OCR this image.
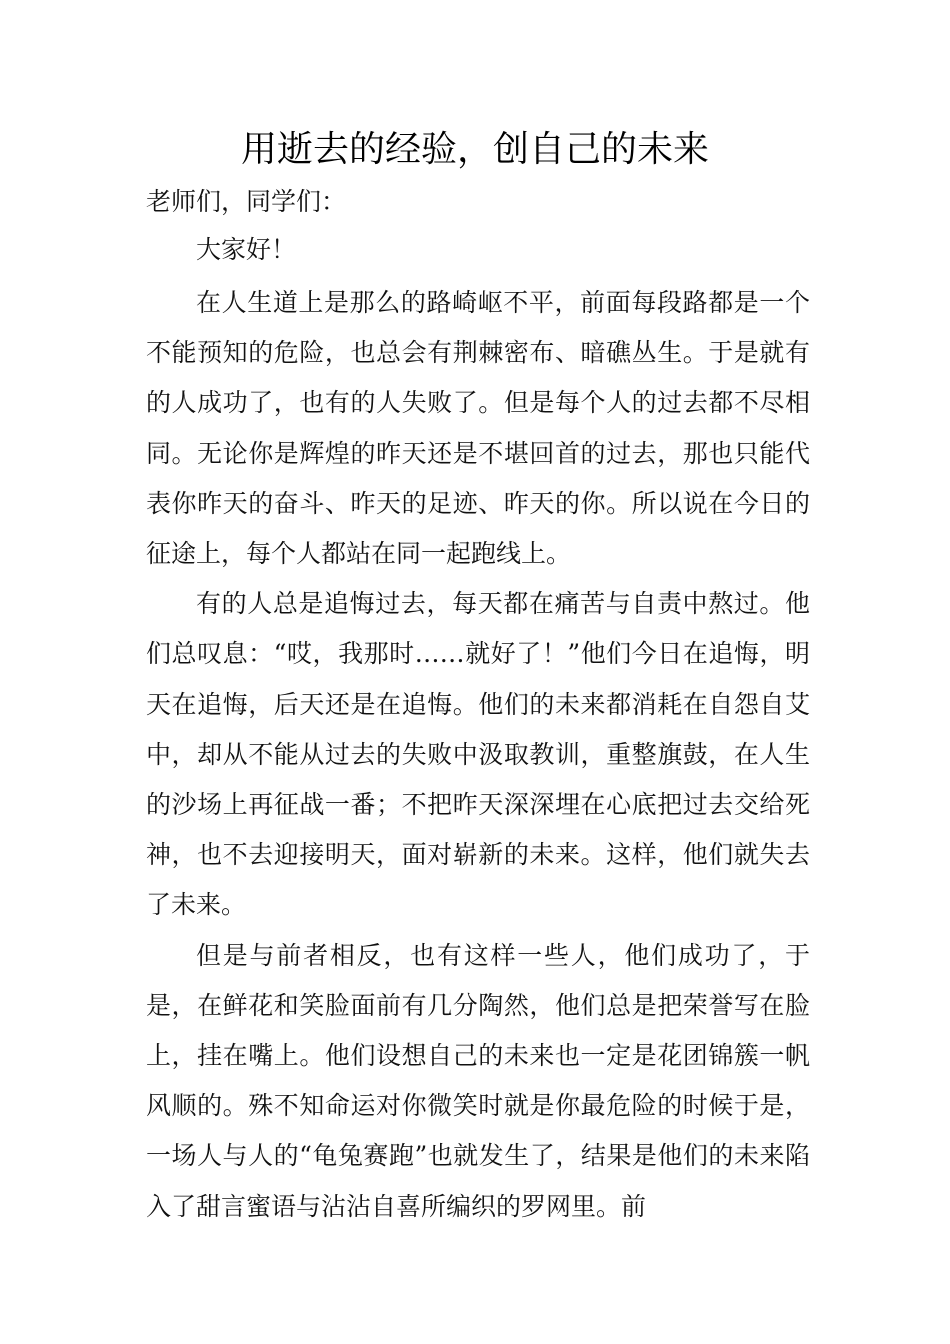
用逝去的经验，创自己的未来

老师们，同学们：

大家好！

在人生道上是那么的路崎岖不平，前面每段路都是一个不能预知的危险，也总会有荆棘密布、暗礁丛生。于是就有的人成功了，也有的人失败了。但是每个人的过去都不尽相同。无论你是辉煌的昨天还是不堪回首的过去，那也只能代表你昨天的奋斗、昨天的足迹、昨天的你。所以说在今日的征途上，每个人都站在同一起跑线上。

有的人总是追悔过去，每天都在痛苦与自责中熬过。他们总叹息：“哎，我那时……就好了！”他们今日在追悔，明天在追悔，后天还是在追悔。他们的未来都消耗在自怨自艾中，却从不能从过去的失败中汲取教训，重整旗鼓，在人生的沙场上再征战一番；不把昨天深深埋在心底把过去交给死神，也不去迎接明天，面对崭新的未来。这样，他们就失去了未来。

但是与前者相反，也有这样一些人，他们成功了，于是，在鲜花和笑脸面前有几分陶然，他们总是把荣誉写在脸上，挂在嘴上。他们设想自己的未来也一定是花团锦簇一帆风顺的。殊不知命运对你微笑时就是你最危险的时候于是，一场人与人的“龟兔赛跑”也就发生了，结果是他们的未来陷入了甜言蜜语与沾沾自喜所编织的罗网里。前
